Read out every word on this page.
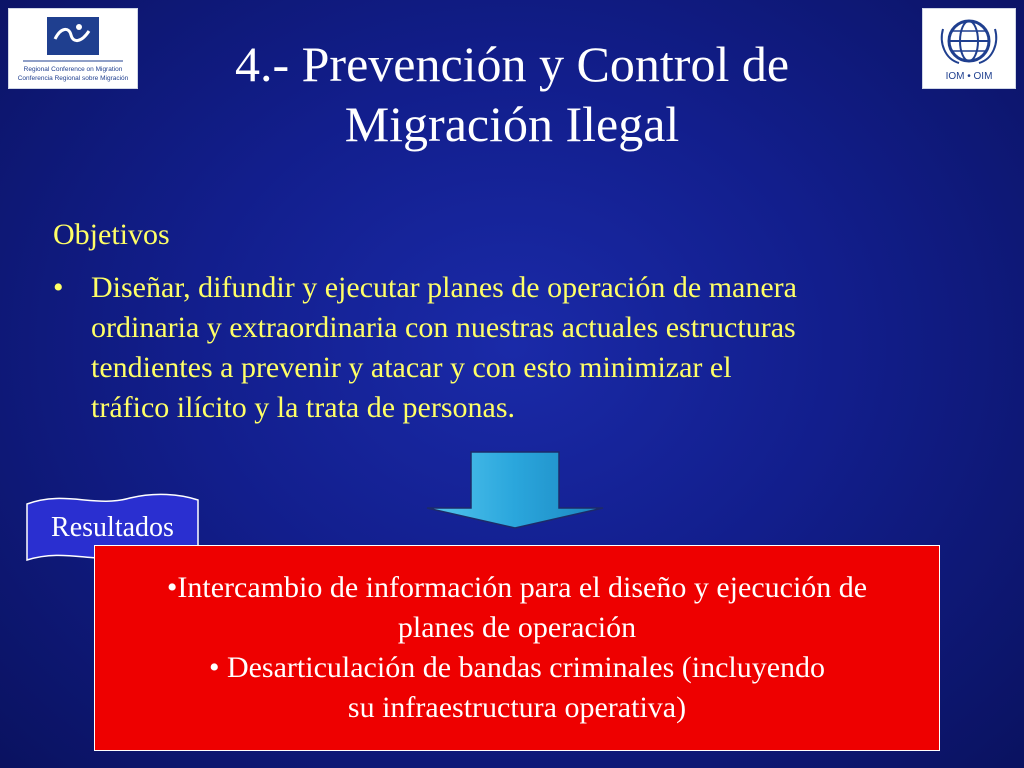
Regional Conference on Migration
Conferencia Regional sobre Migración	IOM • OIM
4.- Prevención y Control de
Migración Ilegal
Objetivos
• Diseñar, difundir y ejecutar planes de operación de manera
ordinaria y extraordinaria con nuestras actuales estructuras
tendientes a prevenir y atacar y con esto minimizar el
tráfico ilícito y la trata de personas.
Resultados
•Intercambio de información para el diseño y ejecución de
planes de operación
• Desarticulación de bandas criminales (incluyendo
su infraestructura operativa)
